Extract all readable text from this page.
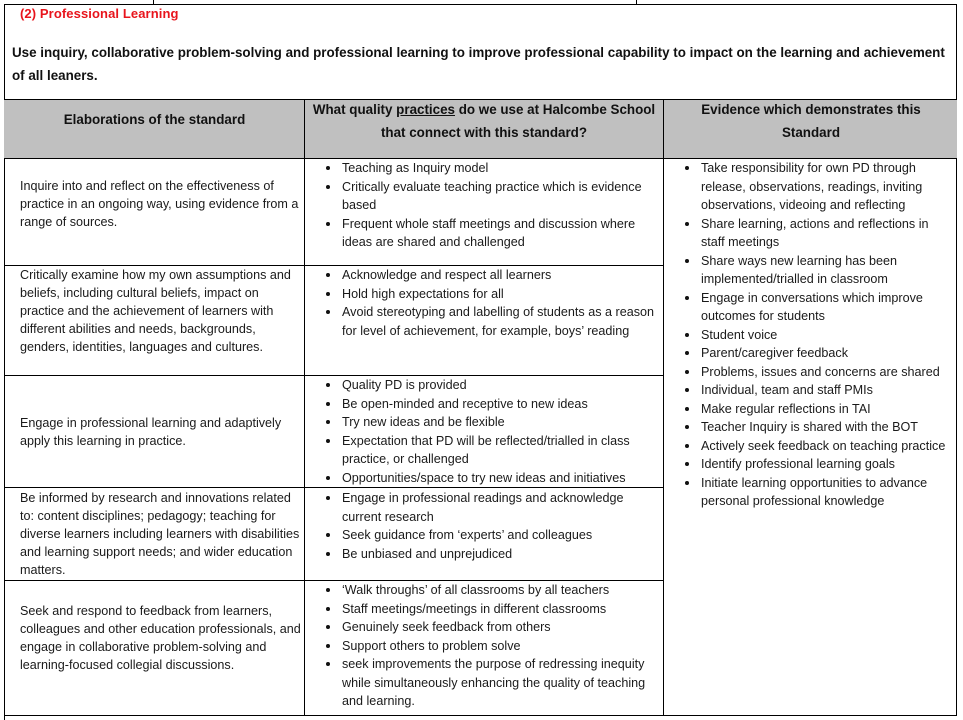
(2) Professional Learning
Use inquiry, collaborative problem-solving and professional learning to improve professional capability to impact on the learning and achievement of all leaners.
Elaborations of the standard
What quality practices do we use at Halcombe School that connect with this standard?
Evidence which demonstrates this Standard
Inquire into and reflect on the effectiveness of practice in an ongoing way, using evidence from a range of sources.
Teaching as Inquiry model
Critically evaluate teaching practice which is evidence based
Frequent whole staff meetings and discussion where ideas are shared and challenged
Critically examine how my own assumptions and beliefs, including cultural beliefs, impact on practice and the achievement of learners with different abilities and needs, backgrounds, genders, identities, languages and cultures.
Acknowledge and respect all learners
Hold high expectations for all
Avoid stereotyping and labelling of students as a reason for level of achievement, for example, boys’ reading
Engage in professional learning and adaptively apply this learning in practice.
Quality PD is provided
Be open-minded and receptive to new ideas
Try new ideas and be flexible
Expectation that PD will be reflected/trialled in class practice, or challenged
Opportunities/space to try new ideas and initiatives
Be informed by research and innovations related to: content disciplines; pedagogy; teaching for diverse learners including learners with disabilities and learning support needs; and wider education matters.
Engage in professional readings and acknowledge current research
Seek guidance from ‘experts’ and colleagues
Be unbiased and unprejudiced
Seek and respond to feedback from learners, colleagues and other education professionals, and engage in collaborative problem-solving and learning-focused collegial discussions.
‘Walk throughs’ of all classrooms by all teachers
Staff meetings/meetings in different classrooms
Genuinely seek feedback from others
Support others to problem solve
seek improvements the purpose of redressing inequity while simultaneously enhancing the quality of teaching and learning.
Take responsibility for own PD through release, observations, readings, inviting observations, videoing and reflecting
Share learning, actions and reflections in staff meetings
Share ways new learning has been implemented/trialled in classroom
Engage in conversations which improve outcomes for students
Student voice
Parent/caregiver feedback
Problems, issues and concerns are shared
Individual, team and staff PMIs
Make regular reflections in TAI
Teacher Inquiry is shared with the BOT
Actively seek feedback on teaching practice
Identify professional learning goals
Initiate learning opportunities to advance personal professional knowledge
